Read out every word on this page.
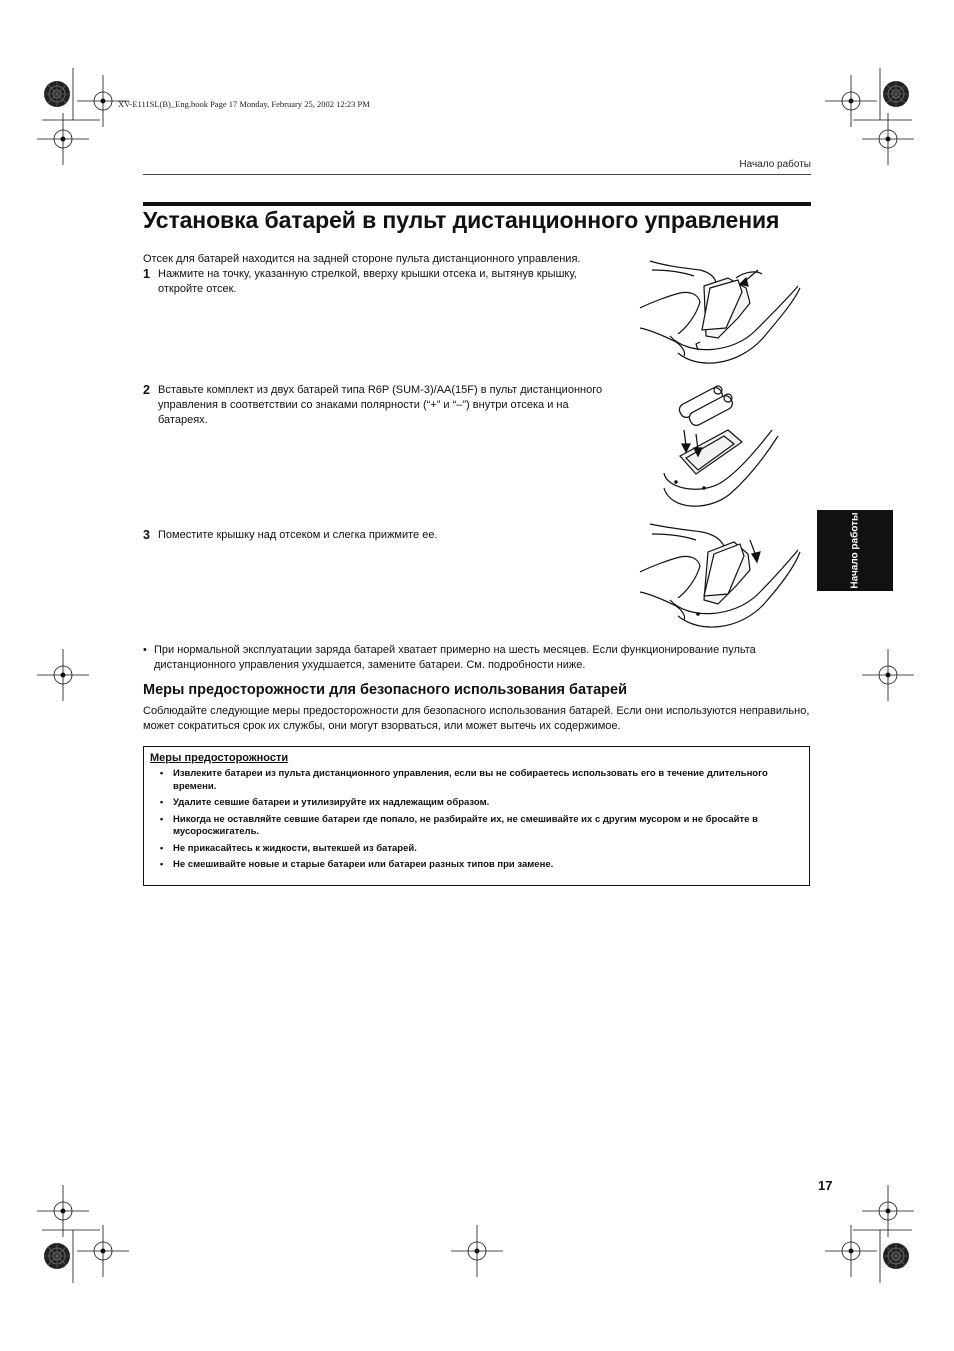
XV-E111SL(B)_Eng.book Page 17 Monday, February 25, 2002 12:23 PM
Начало работы
Установка батарей в пульт дистанционного управления
Отсек для батарей находится на задней стороне пульта дистанционного управления.
1 Нажмите на точку, указанную стрелкой, вверху крышки отсека и, вытянув крышку, откройте отсек.
2 Вставьте комплект из двух батарей типа R6P (SUM-3)/AA(15F) в пульт дистанционного управления в соответствии со знаками полярности (“+” и “–”) внутри отсека и на батареях.
3 Поместите крышку над отсеком и слегка прижмите ее.	Начало работы
• При нормальной эксплуатации заряда батарей хватает примерно на шесть месяцев. Если функционирование пульта дистанционного управления ухудшается, замените батареи. См. подробности ниже.
Меры предосторожности для безопасного использования батарей
Соблюдайте следующие меры предосторожности для безопасного использования батарей. Если они используются неправильно, может сократиться срок их службы, они могут взорваться, или может вытечь их содержимое.
Меры предосторожности
•	Извлеките батареи из пульта дистанционного управления, если вы не собираетесь использовать его в течение длительного времени.
•	Удалите севшие батареи и утилизируйте их надлежащим образом.
•	Никогда не оставляйте севшие батареи где попало, не разбирайте их, не смешивайте их с другим мусором и не бросайте в мусоросжигатель.
•	Не прикасайтесь к жидкости, вытекшей из батарей.
•	Не смешивайте новые и старые батареи или батареи разных типов при замене.
17
